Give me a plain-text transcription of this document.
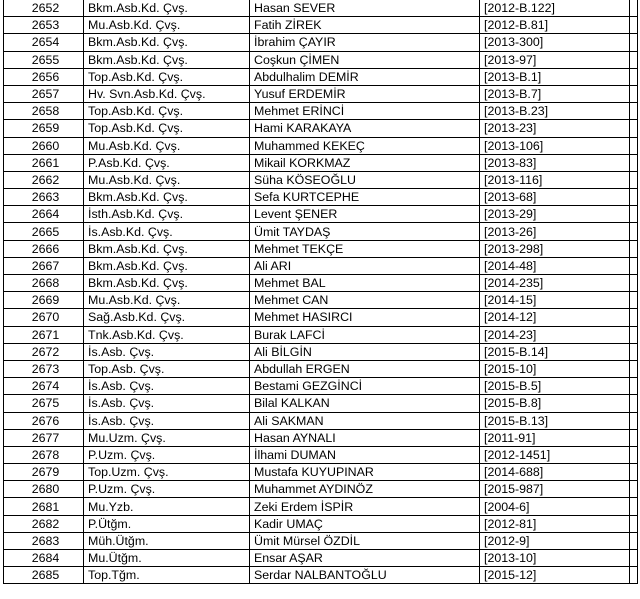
2652	Bkm.Asb.Kd. Çvş.	Hasan SEVER	[2012-B.122]	
2653	Mu.Asb.Kd. Çvş.	Fatih ZİREK	[2012-B.81]	
2654	Bkm.Asb.Kd. Çvş.	İbrahim ÇAYIR	[2013-300]	
2655	Bkm.Asb.Kd. Çvş.	Coşkun ÇİMEN	[2013-97]	
2656	Top.Asb.Kd. Çvş.	Abdulhalim DEMİR	[2013-B.1]	
2657	Hv. Svn.Asb.Kd. Çvş.	Yusuf ERDEMİR	[2013-B.7]	
2658	Top.Asb.Kd. Çvş.	Mehmet ERİNCİ	[2013-B.23]	
2659	Top.Asb.Kd. Çvş.	Hami KARAKAYA	[2013-23]	
2660	Mu.Asb.Kd. Çvş.	Muhammed KEKEÇ	[2013-106]	
2661	P.Asb.Kd. Çvş.	Mikail KORKMAZ	[2013-83]	
2662	Mu.Asb.Kd. Çvş.	Süha KÖSEOĞLU	[2013-116]	
2663	Bkm.Asb.Kd. Çvş.	Sefa KURTCEPHE	[2013-68]	
2664	İsth.Asb.Kd. Çvş.	Levent ŞENER	[2013-29]	
2665	İs.Asb.Kd. Çvş.	Ümit TAYDAŞ	[2013-26]	
2666	Bkm.Asb.Kd. Çvş.	Mehmet TEKÇE	[2013-298]	
2667	Bkm.Asb.Kd. Çvş.	Ali ARI	[2014-48]	
2668	Bkm.Asb.Kd. Çvş.	Mehmet BAL	[2014-235]	
2669	Mu.Asb.Kd. Çvş.	Mehmet CAN	[2014-15]	
2670	Sağ.Asb.Kd. Çvş.	Mehmet HASIRCI	[2014-12]	
2671	Tnk.Asb.Kd. Çvş.	Burak LAFCİ	[2014-23]	
2672	İs.Asb. Çvş.	Ali BİLGİN	[2015-B.14]	
2673	Top.Asb. Çvş.	Abdullah ERGEN	[2015-10]	
2674	İs.Asb. Çvş.	Bestami GEZGİNCİ	[2015-B.5]	
2675	İs.Asb. Çvş.	Bilal KALKAN	[2015-B.8]	
2676	İs.Asb. Çvş.	Ali SAKMAN	[2015-B.13]	
2677	Mu.Uzm. Çvş.	Hasan AYNALI	[2011-91]	
2678	P.Uzm. Çvş.	İlhami DUMAN	[2012-1451]	
2679	Top.Uzm. Çvş.	Mustafa KUYUPINAR	[2014-688]	
2680	P.Uzm. Çvş.	Muhammet AYDINÖZ	[2015-987]	
2681	Mu.Yzb.	Zeki Erdem İSPİR	[2004-6]	
2682	P.Ütğm.	Kadir UMAÇ	[2012-81]	
2683	Müh.Ütğm.	Ümit Mürsel ÖZDİL	[2012-9]	
2684	Mu.Ütğm.	Ensar AŞAR	[2013-10]	
2685	Top.Tğm.	Serdar NALBANTOĞLU	[2015-12]	
